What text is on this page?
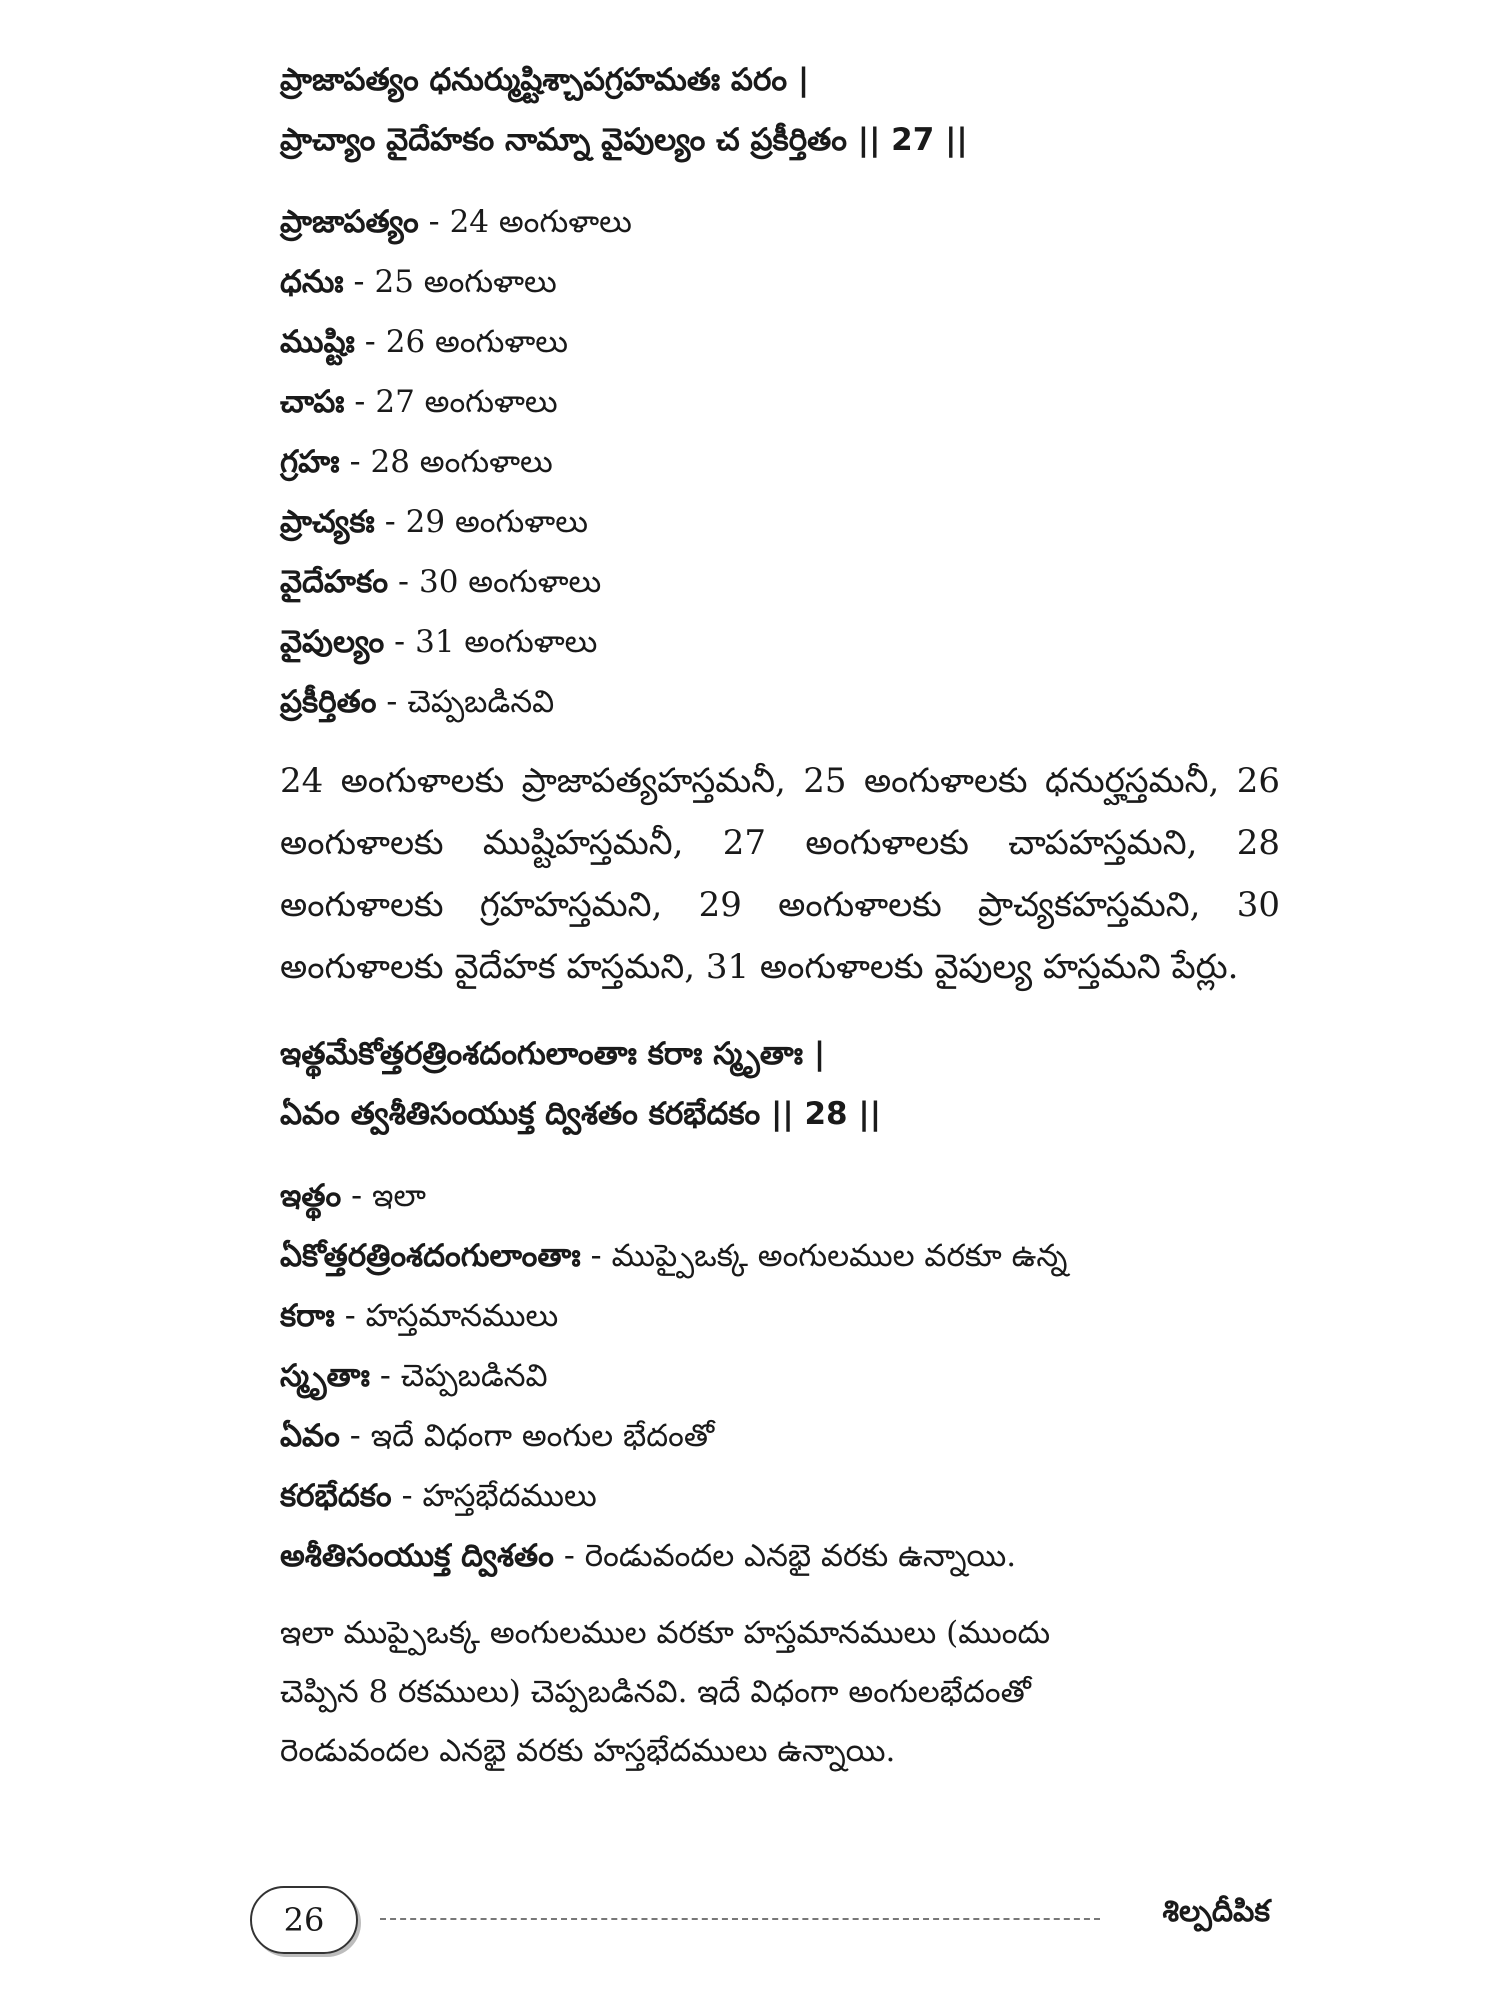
ప్రాజాపత్యం ధనుర్ముష్టిశ్చాపగ్రహమతః పరం |
ప్రాచ్యాం వైదేహకం నామ్నా వైపుల్యం చ ప్రకీర్తితం || 27 ||
ప్రాజాపత్యం - 24 అంగుళాలు
ధనుః - 25 అంగుళాలు
ముష్టిః - 26 అంగుళాలు
చాపః - 27 అంగుళాలు
గ్రహః - 28 అంగుళాలు
ప్రాచ్యకః - 29 అంగుళాలు
వైదేహకం - 30 అంగుళాలు
వైపుల్యం - 31 అంగుళాలు
ప్రకీర్తితం - చెప్పబడినవి

24 అంగుళాలకు ప్రాజాపత్యహస్తమనీ, 25 అంగుళాలకు ధనుర్హస్తమనీ, 26 అంగుళాలకు ముష్టిహస్తమనీ, 27 అంగుళాలకు చాపహస్తమని, 28 అంగుళాలకు గ్రహహస్తమని, 29 అంగుళాలకు ప్రాచ్యకహస్తమని, 30 అంగుళాలకు వైదేహక హస్తమని, 31 అంగుళాలకు వైపుల్య హస్తమని పేర్లు.

ఇత్థమేకోత్తరత్రింశదంగులాంతాః కరాః స్మృతాః |
ఏవం త్వశీతిసంయుక్త ద్విశతం కరభేదకం || 28 ||
ఇత్థం - ఇలా
ఏకోత్తరత్రింశదంగులాంతాః - ముప్పైఒక్క అంగులముల వరకూ ఉన్న
కరాః - హస్తమానములు
స్మృతాః - చెప్పబడినవి
ఏవం - ఇదే విధంగా అంగుల భేదంతో
కరభేదకం - హస్తభేదములు
అశీతిసంయుక్త ద్విశతం - రెండువందల ఎనభై వరకు ఉన్నాయి.
ఇలా ముప్పైఒక్క అంగులముల వరకూ హస్తమానములు (ముందు
చెప్పిన 8 రకములు) చెప్పబడినవి. ఇదే విధంగా అంగులభేదంతో
రెండువందల ఎనభై వరకు హస్తభేదములు ఉన్నాయి.
26	శిల్పదీపిక
